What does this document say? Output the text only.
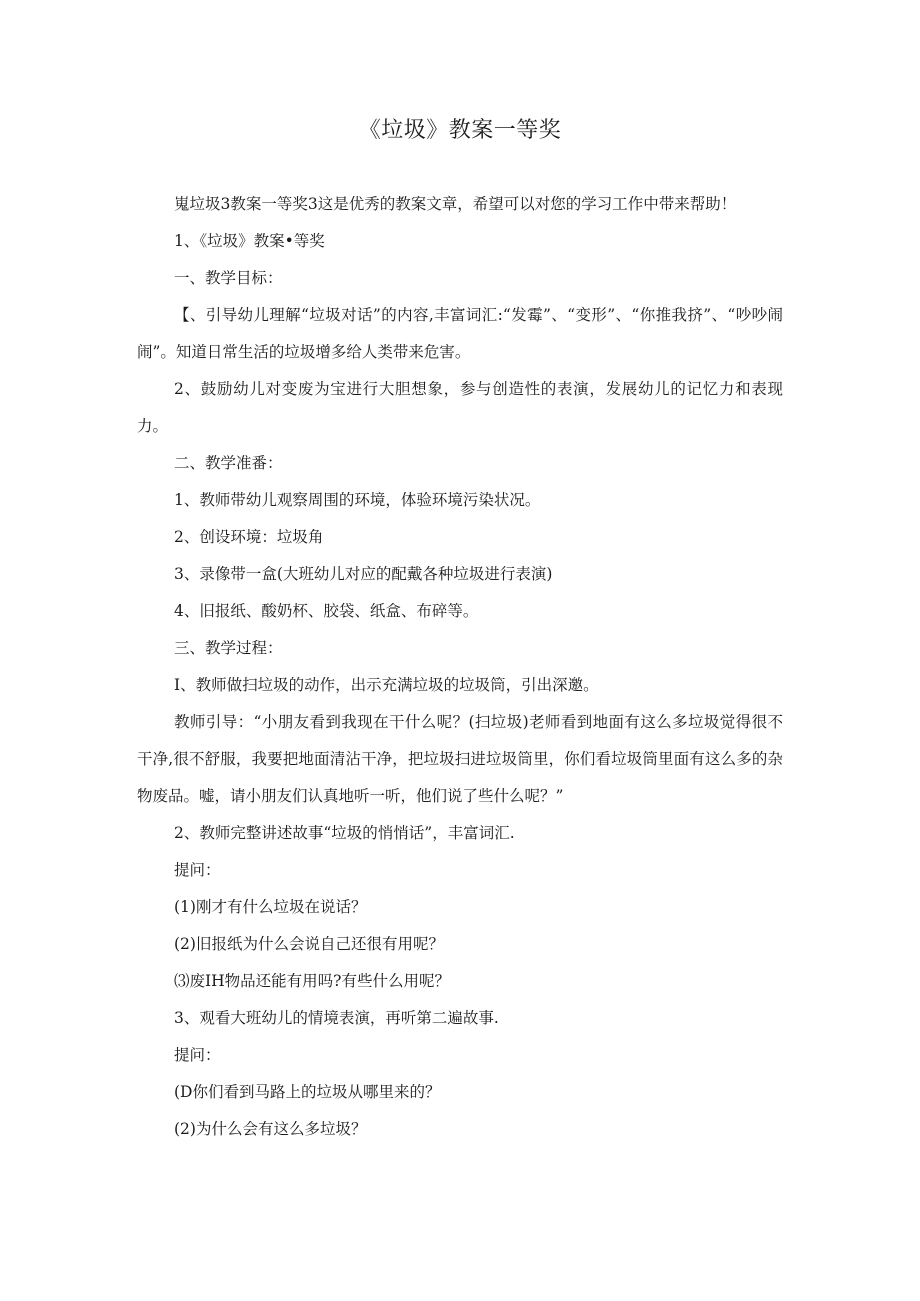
《垃圾》教案一等奖

嵬垃圾3教案一等奖3这是优秀的教案文章，希望可以对您的学习工作中带来帮助！

1、《垃圾》教案•等奖

一、教学目标：

【、引导幼儿理解“垃圾对话”的内容,丰富词汇:“发霉”、“变形”、“你推我挤”、“吵吵闹闹”。知道日常生活的垃圾增多给人类带来危害。

2、鼓励幼儿对变废为宝进行大胆想象，参与创造性的表演，发展幼儿的记忆力和表现力。

二、教学准番：

1、教师带幼儿观察周围的环境，体验环境污染状况。

2、创设环境：垃圾角

3、录像带一盒(大班幼儿对应的配戴各种垃圾进行表演)

4、旧报纸、酸奶杯、胶袋、纸盒、布碎等。

三、教学过程：

I、教师做扫垃圾的动作，出示充满垃圾的垃圾筒，引出深邀。

教师引导：“小朋友看到我现在干什么呢？(扫垃圾)老师看到地面有这么多垃圾觉得很不干净,很不舒服，我要把地面清沾干净，把垃圾扫进垃圾筒里，你们看垃圾筒里面有这么多的杂物废品。嘘，请小朋友们认真地听一听，他们说了些什么呢？”

2、教师完整讲述故事“垃圾的悄悄话”，丰富词汇.

提问：

(1)刚才有什么垃圾在说话？

(2)旧报纸为什么会说自己还很有用呢？

⑶废IH物品还能有用吗?有些什么用呢？

3、观看大班幼儿的情境表演，再听第二遍故事.

提问：

(D你们看到马路上的垃圾从哪里来的？

(2)为什么会有这么多垃圾？
